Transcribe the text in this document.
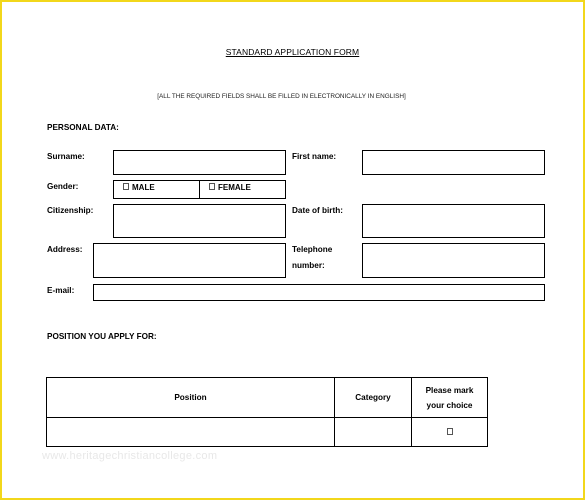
STANDARD APPLICATION FORM
[ALL THE REQUIRED FIELDS SHALL BE FILLED IN ELECTRONICALLY IN ENGLISH]
PERSONAL DATA:
Surname:	First name:
Gender:	MALE	FEMALE
Citizenship:	Date of birth:
Address:	Telephone
number:
E-mail:
POSITION YOU APPLY FOR:
Position	Category	Please mark
your choice

www.heritagechristiancollege.com
